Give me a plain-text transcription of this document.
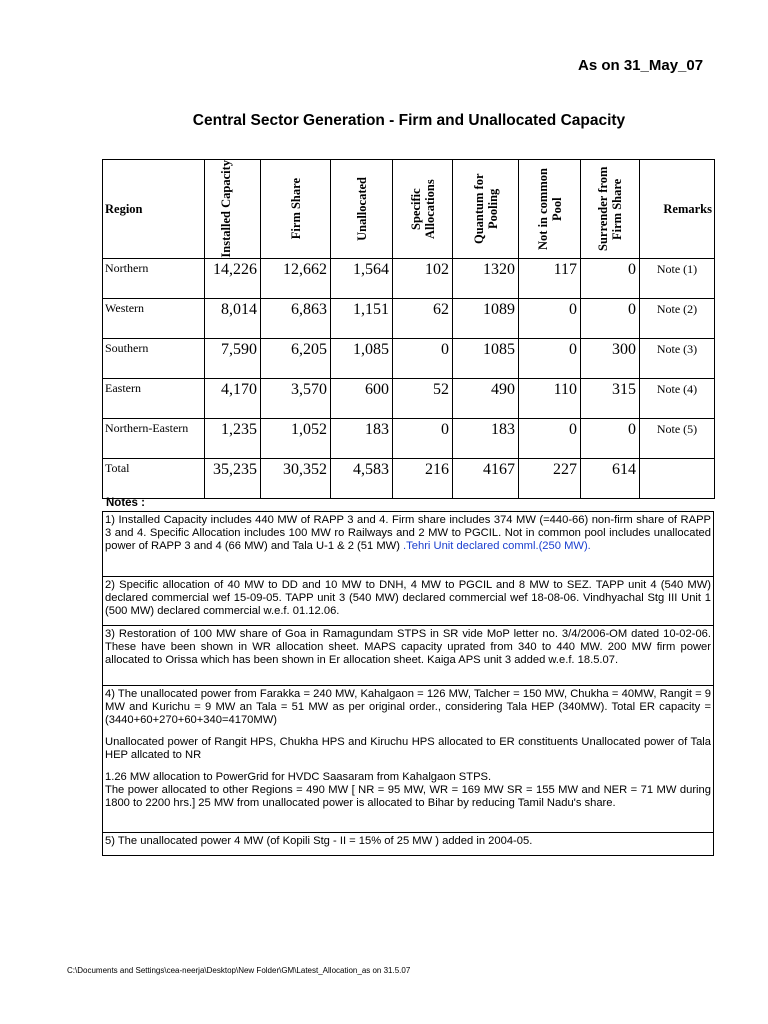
As on 31_May_07
Central Sector Generation - Firm and Unallocated Capacity
Region	Installed Capacity	Firm Share	Unallocated	Specific Allocations	Quantum for Pooling	Not in common Pool	Surrender from Firm Share	Remarks
Northern	14,226	12,662	1,564	102	1320	117	0	Note (1)
Western	8,014	6,863	1,151	62	1089	0	0	Note (2)
Southern	7,590	6,205	1,085	0	1085	0	300	Note (3)
Eastern	4,170	3,570	600	52	490	110	315	Note (4)
Northern-Eastern	1,235	1,052	183	0	183	0	0	Note (5)
Total	35,235	30,352	4,583	216	4167	227	614	
Notes :
1) Installed Capacity includes 440 MW of RAPP 3 and 4. Firm share includes 374 MW (=440-66) non-firm share of RAPP 3 and 4. Specific Allocation includes 100 MW ro Railways and 2 MW to PGCIL. Not in common pool includes unallocated power of RAPP 3 and 4 (66 MW) and Tala U-1 & 2 (51 MW) .Tehri Unit declared comml.(250 MW).
2) Specific allocation of 40 MW to DD and 10 MW to DNH, 4 MW to PGCIL and 8 MW to SEZ. TAPP unit 4 (540 MW) declared commercial wef 15-09-05. TAPP unit 3 (540 MW) declared commercial wef 18-08-06. Vindhyachal Stg III Unit 1 (500 MW) declared commercial w.e.f. 01.12.06.
3) Restoration of 100 MW share of Goa in Ramagundam STPS in SR vide MoP letter no. 3/4/2006-OM dated 10-02-06. These have been shown in WR allocation sheet. MAPS capacity uprated from 340 to 440 MW. 200 MW firm power allocated to Orissa which has been shown in Er allocation sheet. Kaiga APS unit 3 added w.e.f. 18.5.07.

4) The unallocated power from Farakka = 240 MW, Kahalgaon = 126 MW, Talcher = 150 MW, Chukha = 40MW, Rangit = 9 MW and Kurichu = 9 MW an Tala = 51 MW as per original order., considering Tala HEP (340MW). Total ER capacity =(3440+60+270+60+340=4170MW)

Unallocated power of Rangit HPS, Chukha HPS and Kiruchu HPS allocated to ER constituents Unallocated power of Tala HEP allcated to NR

1.26 MW allocation to PowerGrid for HVDC Saasaram from Kahalgaon STPS.

The power allocated to other Regions = 490 MW [ NR = 95 MW, WR = 169 MW SR = 155 MW and NER = 71 MW during 1800 to 2200 hrs.] 25 MW from unallocated power is allocated to Bihar by reducing Tamil Nadu's share.

5) The unallocated power 4 MW (of Kopili Stg - II = 15% of 25 MW ) added in 2004-05.
C:\Documents and Settings\cea-neerja\Desktop\New Folder\GM\Latest_Allocation_as on 31.5.07
